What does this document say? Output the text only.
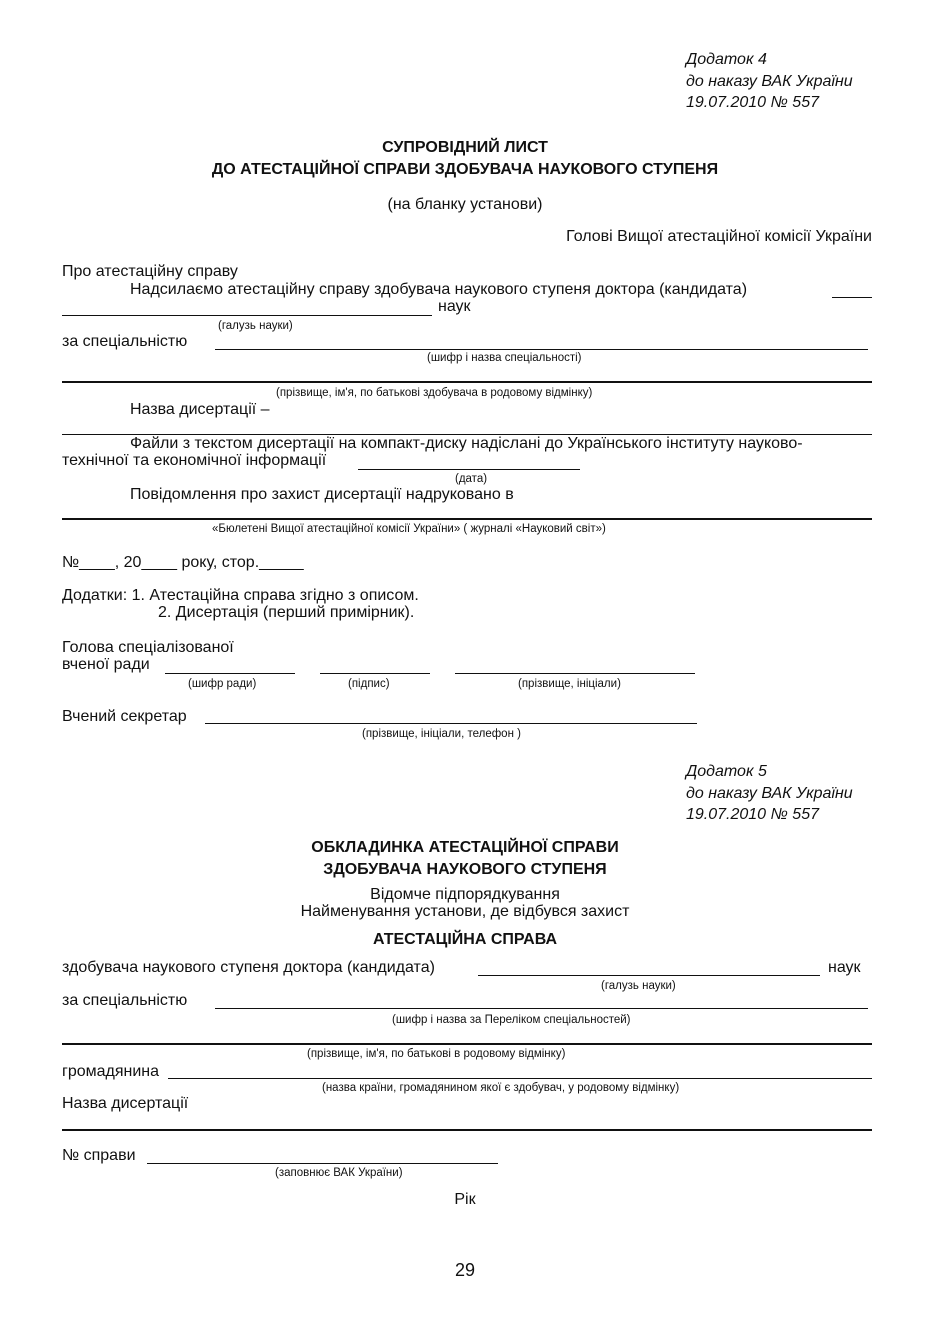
Додаток 4
до наказу ВАК України
19.07.2010 № 557
СУПРОВІДНИЙ ЛИСТ
ДО АТЕСТАЦІЙНОЇ СПРАВИ ЗДОБУВАЧА НАУКОВОГО СТУПЕНЯ
(на бланку установи)
Голові Вищої атестаційної комісії України
Про атестаційну справу
Надсилаємо атестаційну справу здобувача наукового ступеня доктора (кандидата)
наук
(галузь науки)
за спеціальністю
(шифр і назва спеціальності)
(прізвище, ім'я, по батькові здобувача в родовому відмінку)
Назва дисертації –
Файли з текстом дисертації на компакт-диску надіслані до Українського інституту науково-
технічної та економічної інформації
(дата)
Повідомлення про захист дисертації надруковано в
«Бюлетені Вищої атестаційної комісії України» ( журналі «Науковий світ»)
№____, 20____ року, стор._____
Додатки: 1. Атестаційна справа згідно з описом.
2. Дисертація (перший примірник).
Голова спеціалізованої
вченої ради
(шифр ради)	(підпис)	(прізвище, ініціали)
Вчений секретар
(прізвище, ініціали, телефон )
Додаток 5
до наказу ВАК України
19.07.2010 № 557
ОБКЛАДИНКА АТЕСТАЦІЙНОЇ СПРАВИ
ЗДОБУВАЧА НАУКОВОГО СТУПЕНЯ
Відомче підпорядкування
Найменування установи, де відбувся захист
АТЕСТАЦІЙНА СПРАВА
здобувача наукового ступеня доктора (кандидата)	наук
(галузь науки)
за спеціальністю
(шифр і назва за Переліком спеціальностей)
(прізвище, ім'я, по батькові в родовому відмінку)
громадянина
(назва країни, громадянином якої є здобувач, у родовому відмінку)
Назва дисертації
№ справи
(заповнює ВАК України)
Рік
29
